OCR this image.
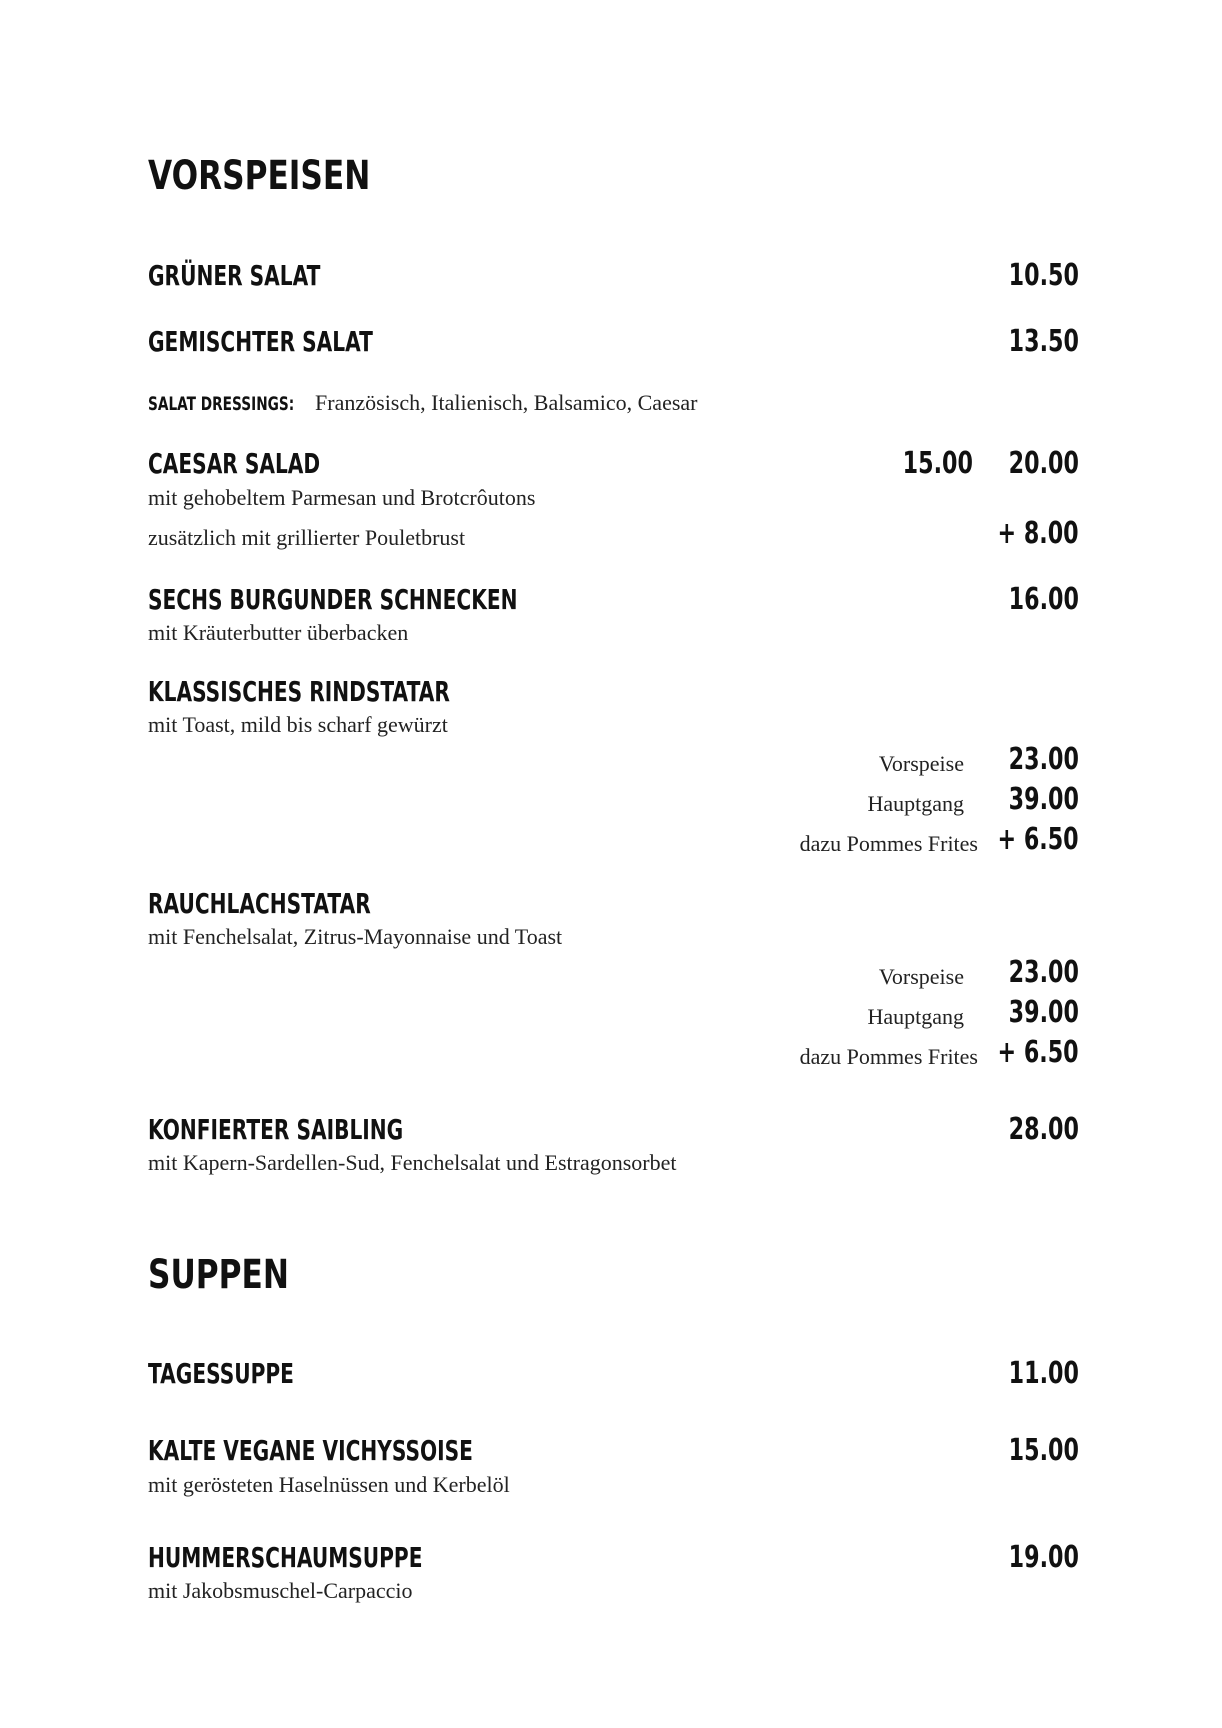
VORSPEISEN
GRÜNER SALAT	10.50
GEMISCHTER SALAT	13.50
SALAT DRESSINGS: Französisch, Italienisch, Balsamico, Caesar
CAESAR SALAD	15.00 20.00
mit gehobeltem Parmesan und Brotcrôutons
zusätzlich mit grillierter Pouletbrust	+ 8.00
SECHS BURGUNDER SCHNECKEN	16.00
mit Kräuterbutter überbacken
KLASSISCHES RINDSTATAR
mit Toast, mild bis scharf gewürzt
Vorspeise 23.00
Hauptgang 39.00
dazu Pommes Frites + 6.50
RAUCHLACHSTATAR
mit Fenchelsalat, Zitrus-Mayonnaise und Toast
Vorspeise 23.00
Hauptgang 39.00
dazu Pommes Frites + 6.50
KONFIERTER SAIBLING	28.00
mit Kapern-Sardellen-Sud, Fenchelsalat und Estragonsorbet
SUPPEN
TAGESSUPPE	11.00
KALTE VEGANE VICHYSSOISE	15.00
mit gerösteten Haselnüssen und Kerbelöl
HUMMERSCHAUMSUPPE	19.00
mit Jakobsmuschel-Carpaccio
